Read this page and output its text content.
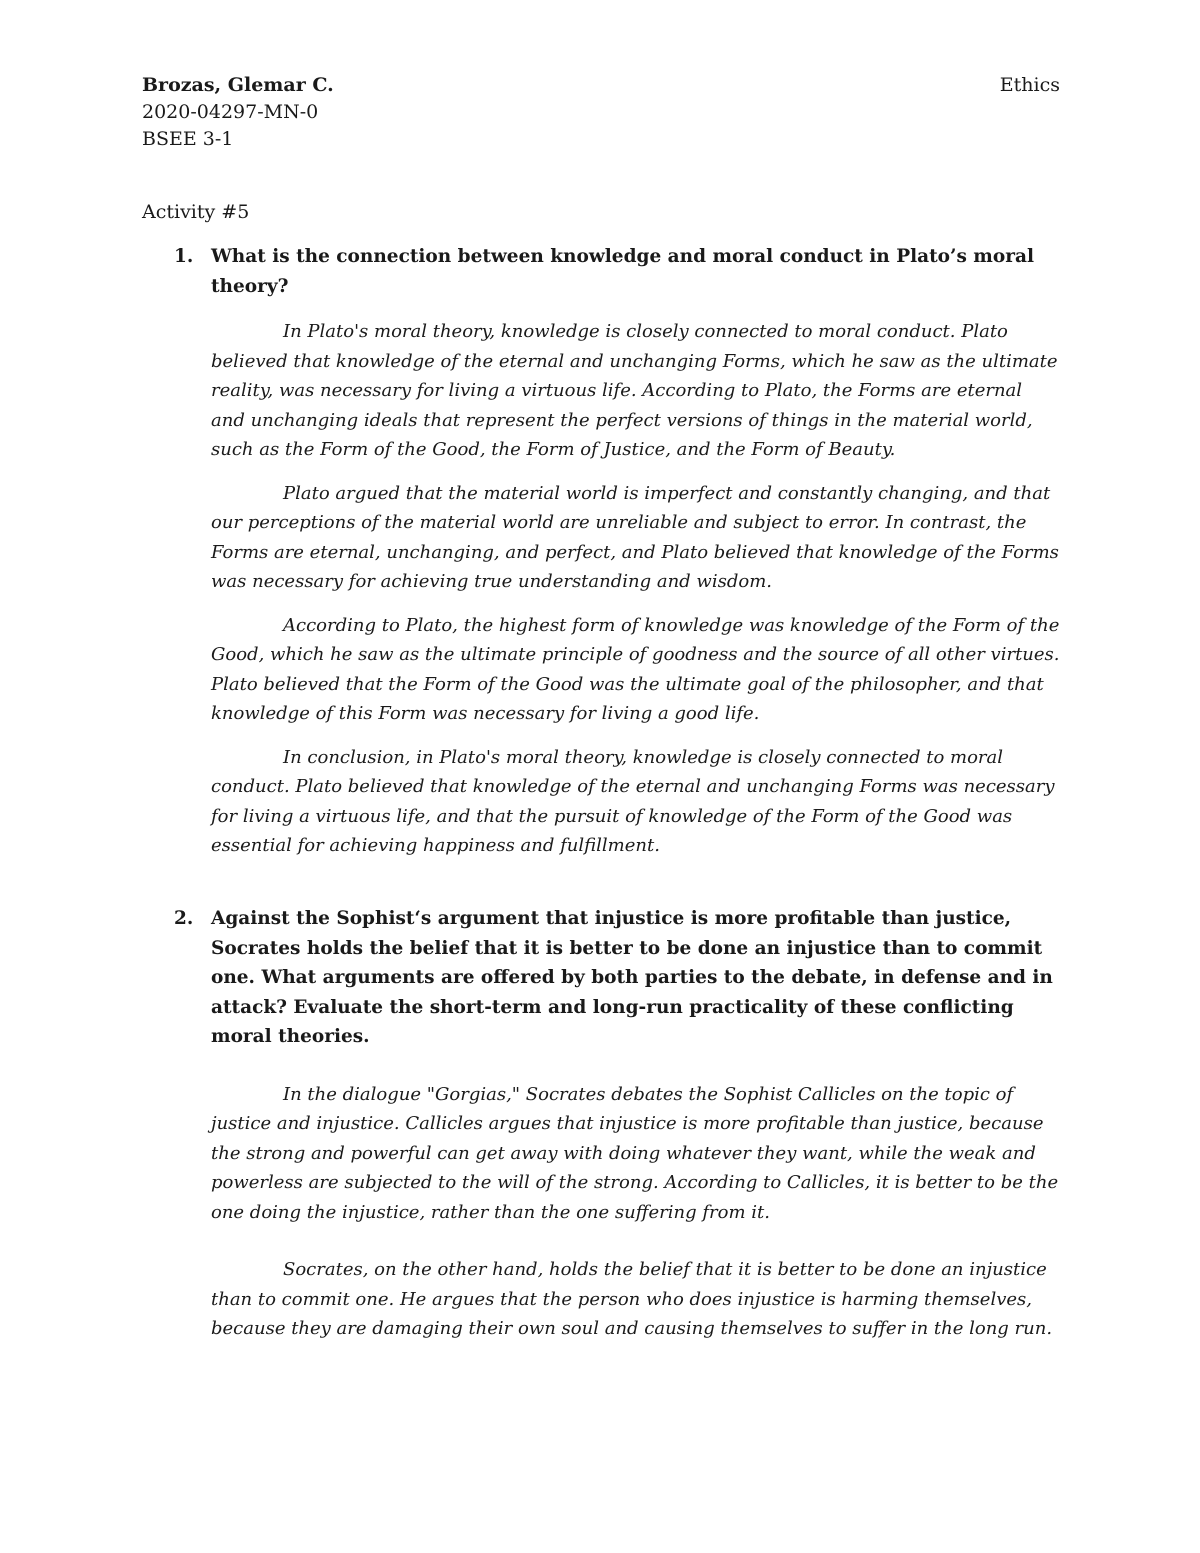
Brozas, Glemar C.
2020-04297-MN-0
BSEE 3-1
Ethics
Activity #5
1. What is the connection between knowledge and moral conduct in Plato’s moral theory?

In Plato's moral theory, knowledge is closely connected to moral conduct. Plato believed that knowledge of the eternal and unchanging Forms, which he saw as the ultimate reality, was necessary for living a virtuous life. According to Plato, the Forms are eternal and unchanging ideals that represent the perfect versions of things in the material world, such as the Form of the Good, the Form of Justice, and the Form of Beauty.

Plato argued that the material world is imperfect and constantly changing, and that our perceptions of the material world are unreliable and subject to error. In contrast, the Forms are eternal, unchanging, and perfect, and Plato believed that knowledge of the Forms was necessary for achieving true understanding and wisdom.

According to Plato, the highest form of knowledge was knowledge of the Form of the Good, which he saw as the ultimate principle of goodness and the source of all other virtues. Plato believed that the Form of the Good was the ultimate goal of the philosopher, and that knowledge of this Form was necessary for living a good life.

In conclusion, in Plato's moral theory, knowledge is closely connected to moral conduct. Plato believed that knowledge of the eternal and unchanging Forms was necessary for living a virtuous life, and that the pursuit of knowledge of the Form of the Good was essential for achieving happiness and fulfillment.

2. Against the Sophist‘s argument that injustice is more profitable than justice, Socrates holds the belief that it is better to be done an injustice than to commit one. What arguments are offered by both parties to the debate, in defense and in attack? Evaluate the short-term and long-run practicality of these conflicting moral theories.

In the dialogue "Gorgias," Socrates debates the Sophist Callicles on the topic of justice and injustice. Callicles argues that injustice is more profitable than justice, because the strong and powerful can get away with doing whatever they want, while the weak and powerless are subjected to the will of the strong. According to Callicles, it is better to be the one doing the injustice, rather than the one suffering from it.

Socrates, on the other hand, holds the belief that it is better to be done an injustice than to commit one. He argues that the person who does injustice is harming themselves, because they are damaging their own soul and causing themselves to suffer in the long run.
